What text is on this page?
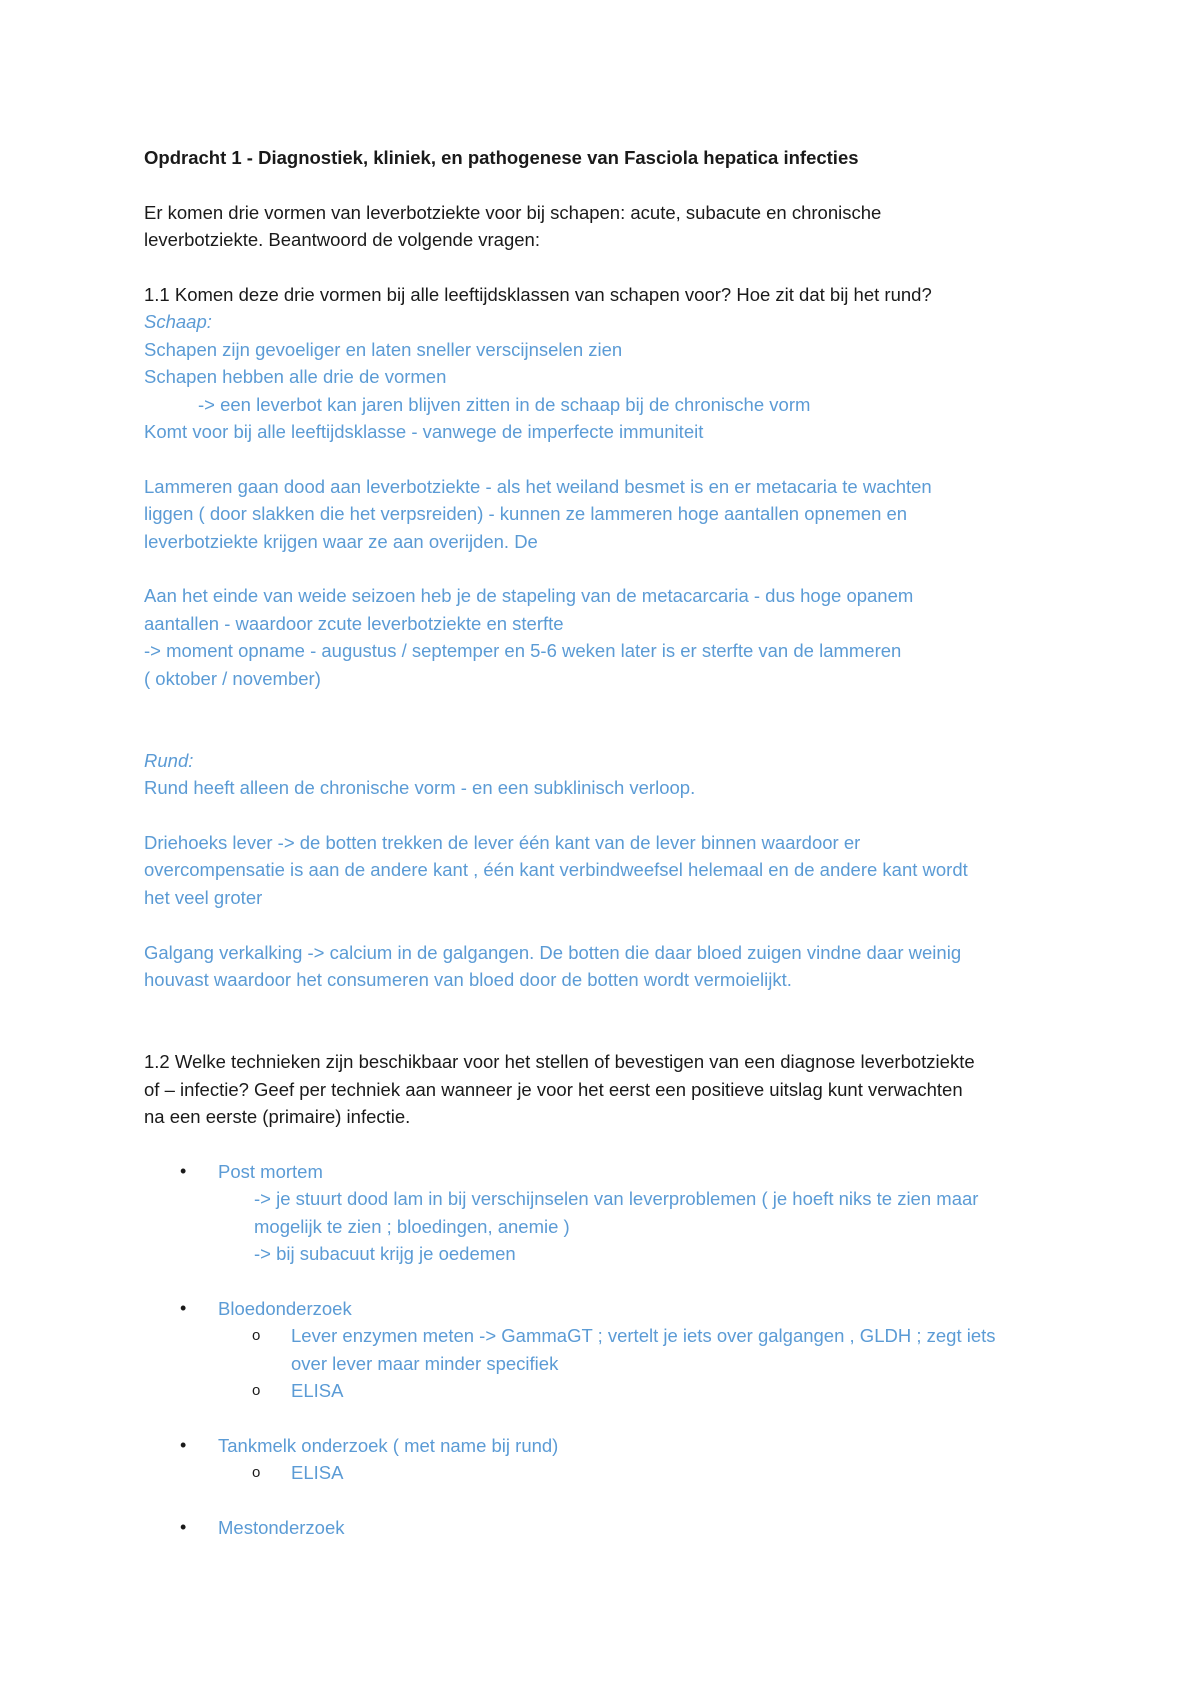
Opdracht 1 - Diagnostiek, kliniek, en pathogenese van Fasciola hepatica infecties
Er komen drie vormen van leverbotziekte voor bij schapen: acute, subacute en chronische
leverbotziekte. Beantwoord de volgende vragen:
1.1 Komen deze drie vormen bij alle leeftijdsklassen van schapen voor? Hoe zit dat bij het rund?
Schaap:
Schapen zijn gevoeliger en laten sneller verscijnselen zien
Schapen hebben alle drie de vormen
-> een leverbot kan jaren blijven zitten in de schaap bij de chronische vorm
Komt voor bij alle leeftijdsklasse - vanwege de imperfecte immuniteit
Lammeren gaan dood aan leverbotziekte - als het weiland besmet is en er metacaria te wachten
liggen ( door slakken die het verpsreiden) - kunnen ze lammeren hoge aantallen opnemen en
leverbotziekte krijgen waar ze aan overijden. De
Aan het einde van weide seizoen heb je de stapeling van de metacarcaria - dus hoge opanem
aantallen - waardoor zcute leverbotziekte en sterfte
-> moment opname - augustus / septemper en 5-6 weken later is er sterfte van de lammeren
( oktober / november)
Rund:
Rund heeft alleen de chronische vorm - en een subklinisch verloop.
Driehoeks lever -> de botten trekken de lever één kant van de lever binnen waardoor er
overcompensatie is aan de andere kant , één kant verbindweefsel helemaal en de andere kant wordt
het veel groter
Galgang verkalking -> calcium in de galgangen. De botten die daar bloed zuigen vindne daar weinig
houvast waardoor het consumeren van bloed door de botten wordt vermoielijkt.
1.2 Welke technieken zijn beschikbaar voor het stellen of bevestigen van een diagnose leverbotziekte
of – infectie? Geef per techniek aan wanneer je voor het eerst een positieve uitslag kunt verwachten
na een eerste (primaire) infectie.
• Post mortem
-> je stuurt dood lam in bij verschijnselen van leverproblemen ( je hoeft niks te zien maar
mogelijk te zien ; bloedingen, anemie )
-> bij subacuut krijg je oedemen
• Bloedonderzoek
o Lever enzymen meten -> GammaGT ; vertelt je iets over galgangen , GLDH ; zegt iets
over lever maar minder specifiek
o ELISA
• Tankmelk onderzoek ( met name bij rund)
o ELISA
• Mestonderzoek
